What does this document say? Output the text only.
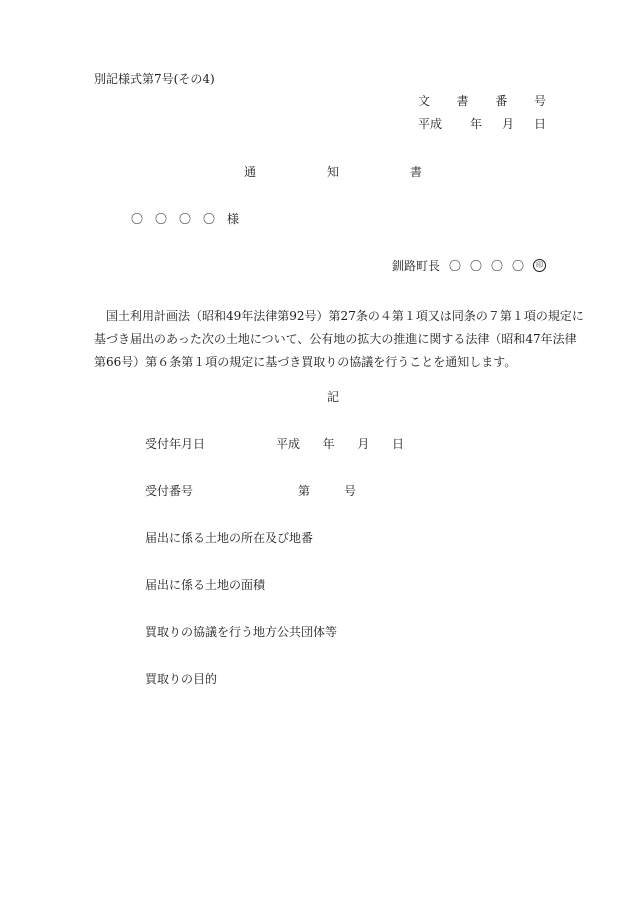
別記様式第7号(その4)
文 書 番 号
平成	年 月 日
通	知	書
〇 〇 〇 〇 様
釧路町長 〇 〇 〇 〇	印

　国土利用計画法（昭和49年法律第92号）第27条の４第１項又は同条の７第１項の規定に
基づき届出のあった次の土地について、公有地の拡大の推進に関する法律（昭和47年法律
第66号）第６条第１項の規定に基づき買取りの協議を行うことを通知します。

記
受付年月日	平成 年 月 日
受付番号	第	号
届出に係る土地の所在及び地番
届出に係る土地の面積
買取りの協議を行う地方公共団体等
買取りの目的
